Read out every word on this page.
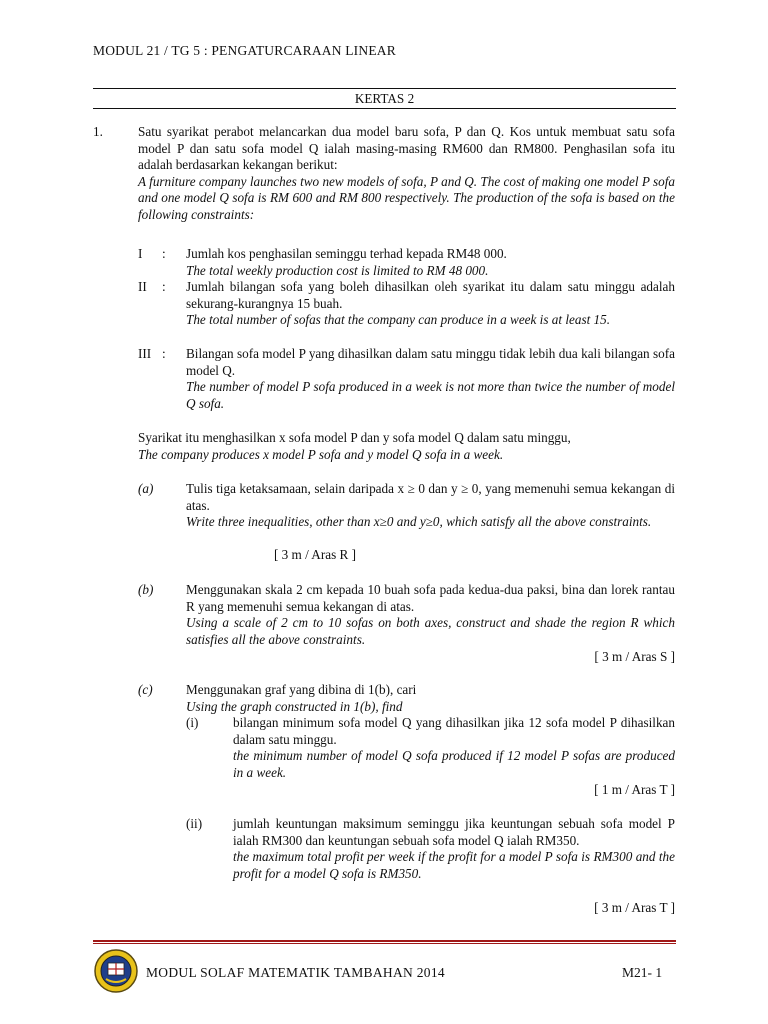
MODUL 21 / TG 5 : PENGATURCARAAN LINEAR
KERTAS 2
1.	Satu syarikat perabot melancarkan dua model baru sofa, P dan Q. Kos untuk membuat satu sofa model P dan satu sofa model Q ialah masing-masing RM600 dan RM800. Penghasilan sofa itu adalah berdasarkan kekangan berikut:

A furniture company launches two new models of sofa, P and Q. The cost of making one model P sofa and one model Q sofa is RM 600 and RM 800 respectively. The production of the sofa is based on the following constraints:

I	: Jumlah kos penghasilan seminggu terhad kepada RM48 000.

The total weekly production cost is limited to RM 48 000.

II	: Jumlah bilangan sofa yang boleh dihasilkan oleh syarikat itu dalam satu minggu adalah sekurang-kurangnya 15 buah.

The total number of sofas that the company can produce in a week is at least 15.

III : Bilangan sofa model P yang dihasilkan dalam satu minggu tidak lebih dua kali bilangan sofa model Q.

The number of model P sofa produced in a week is not more than twice the number of model Q sofa.

Syarikat itu menghasilkan x sofa model P dan y sofa model Q dalam satu minggu,

The company produces x model P sofa and y model Q sofa in a week.

(a) Tulis tiga ketaksamaan, selain daripada x ≥ 0 dan y ≥ 0, yang memenuhi semua kekangan di atas.

Write three inequalities, other than x≥0 and y≥0, which satisfy all the above constraints.

[ 3 m / Aras R ]
(b) Menggunakan skala 2 cm kepada 10 buah sofa pada kedua-dua paksi, bina dan lorek rantau R yang memenuhi semua kekangan di atas.

Using a scale of 2 cm to 10 sofas on both axes, construct and shade the region R which satisfies all the above constraints.

[ 3 m / Aras S ]
(c)	Menggunakan graf yang dibina di 1(b), cari

Using the graph constructed in 1(b), find

(i)	bilangan minimum sofa model Q yang dihasilkan jika 12 sofa model P dihasilkan dalam satu minggu.

the minimum number of model Q sofa produced if 12 model P sofas are produced in a week.

[ 1 m / Aras T ]
(ii) jumlah keuntungan maksimum seminggu jika keuntungan sebuah sofa model P ialah RM300 dan keuntungan sebuah sofa model Q ialah RM350.

the maximum total profit per week if the profit for a model P sofa is RM300 and the profit for a model Q sofa is RM350.

[ 3 m / Aras T ]
MODUL SOLAF MATEMATIK TAMBAHAN 2014	M21- 1
